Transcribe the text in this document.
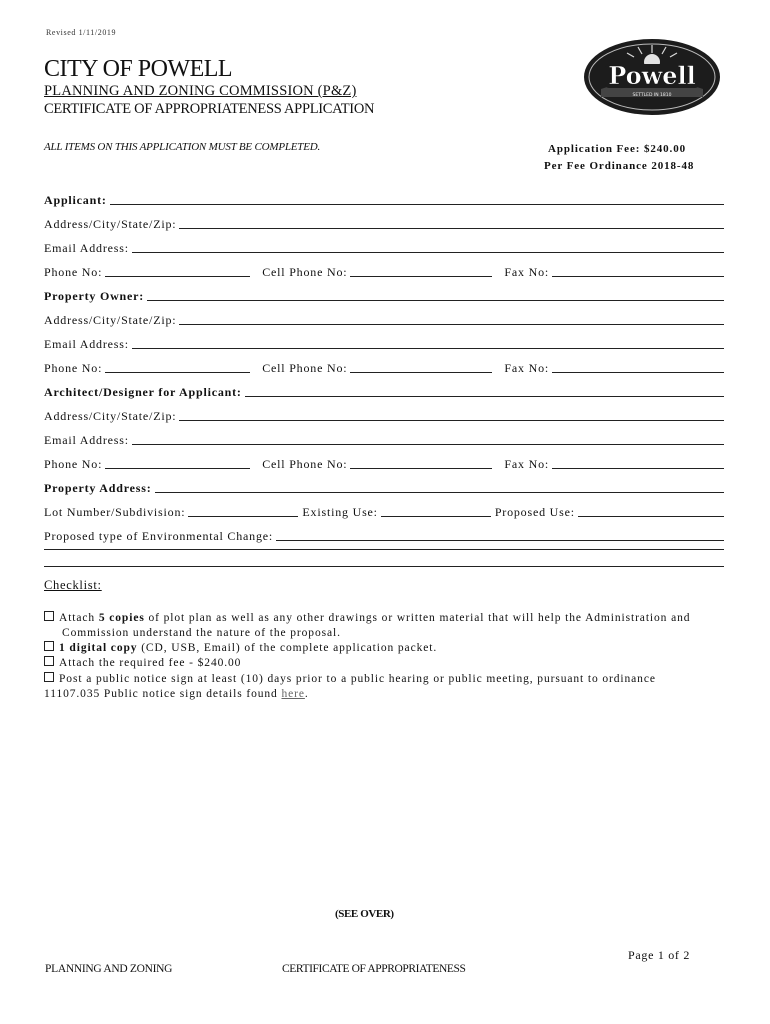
Revised 1/11/2019
CITY OF POWELL
PLANNING AND ZONING COMMISSION (P&Z)
CERTIFICATE OF APPROPRIATENESS APPLICATION
Powell
SETTLED IN 1810
ALL ITEMS ON THIS APPLICATION MUST BE COMPLETED.	Application Fee: $240.00
Per Fee Ordinance 2018-48
Applicant:
Address/City/State/Zip:
Email Address:
Phone No:	Cell Phone No:	Fax No:
Property Owner:
Address/City/State/Zip:
Email Address:
Phone No:	Cell Phone No:	Fax No:
Architect/Designer for Applicant:
Address/City/State/Zip:
Email Address:
Phone No:	Cell Phone No:	Fax No:
Property Address:
Lot Number/Subdivision:	Existing Use:	Proposed Use:
Proposed type of Environmental Change:
Checklist:
Attach 5 copies of plot plan as well as any other drawings or written material that will help the Administration and
Commission understand the nature of the proposal.
1 digital copy (CD, USB, Email) of the complete application packet.
Attach the required fee - $240.00
Post a public notice sign at least (10) days prior to a public hearing or public meeting, pursuant to ordinance
11107.035 Public notice sign details found here.
(SEE OVER)
Page 1 of 2
PLANNING AND ZONING	CERTIFICATE OF APPROPRIATENESS
